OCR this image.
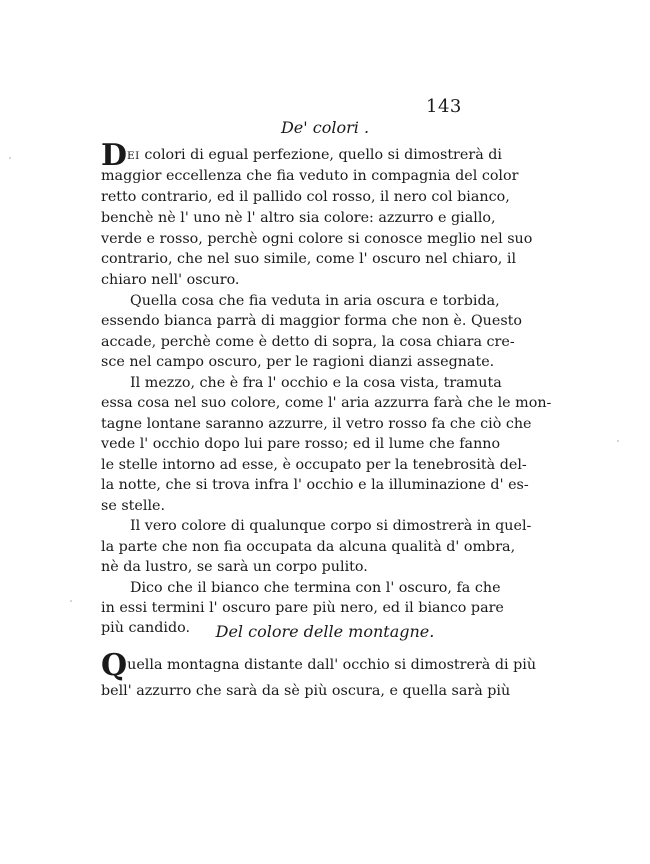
143
De' colori .
DEI colori di egual perfezione, quello si dimostrerà di
maggior eccellenza che fia veduto in compagnia del color
retto contrario, ed il pallido col rosso, il nero col bianco,
benchè nè l' uno nè l' altro sia colore: azzurro e giallo,
verde e rosso, perchè ogni colore si conosce meglio nel suo
contrario, che nel suo simile, come l' oscuro nel chiaro, il
chiaro nell' oscuro.
Quella cosa che fia veduta in aria oscura e torbida,
essendo bianca parrà di maggior forma che non è. Questo
accade, perchè come è detto di sopra, la cosa chiara cre-
sce nel campo oscuro, per le ragioni dianzi assegnate.
Il mezzo, che è fra l' occhio e la cosa vista, tramuta
essa cosa nel suo colore, come l' aria azzurra farà che le mon-
tagne lontane saranno azzurre, il vetro rosso fa che ciò che
vede l' occhio dopo lui pare rosso; ed il lume che fanno
le stelle intorno ad esse, è occupato per la tenebrosità del-
la notte, che si trova infra l' occhio e la illuminazione d' es-
se stelle.
Il vero colore di qualunque corpo si dimostrerà in quel-
la parte che non fia occupata da alcuna qualità d' ombra,
nè da lustro, se sarà un corpo pulito.
Dico che il bianco che termina con l' oscuro, fa che
in essi termini l' oscuro pare più nero, ed il bianco pare
più candido.	Del colore delle montagne.
Quella montagna distante dall' occhio si dimostrerà di più
bell' azzurro che sarà da sè più oscura, e quella sarà più
